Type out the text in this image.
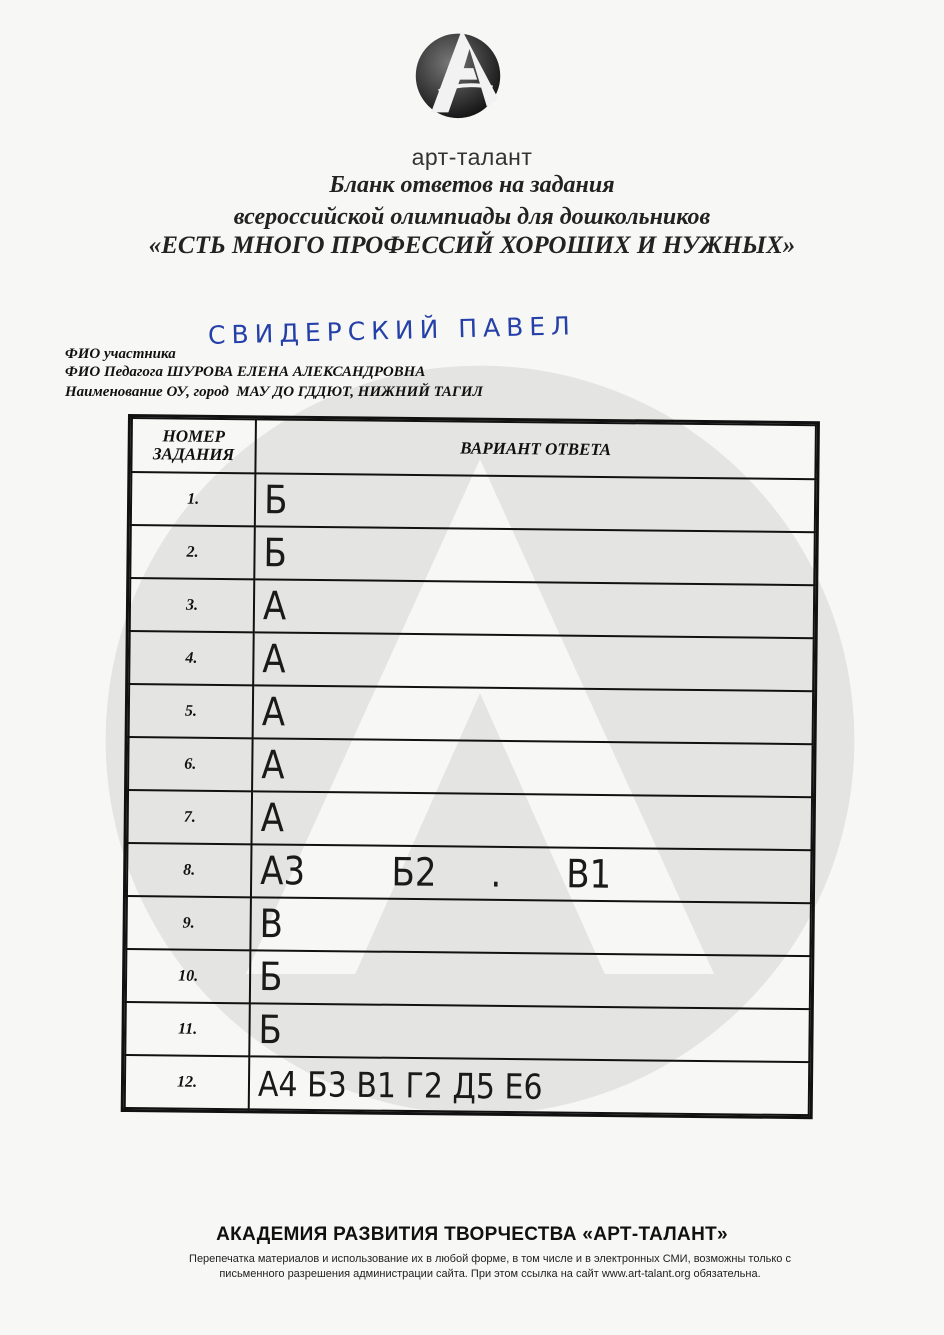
арт-талант
Бланк ответов на задания
всероссийской олимпиады для дошкольников
«ЕСТЬ МНОГО ПРОФЕССИЙ ХОРОШИХ И НУЖНЫХ»
СВИДЕРСКИЙ ПАВЕЛ
ФИО участника
ФИО Педагога ШУРОВА ЕЛЕНА АЛЕКСАНДРОВНА
Наименование ОУ, город МАУ ДО ГДДЮТ, НИЖНИЙ ТАГИЛ
НОМЕР
ЗАДАНИЯ	ВАРИАНТ ОТВЕТА
1.	Б
2.	Б
3.	А
4.	А
5.	А
6.	А
7.	А
8.	А3        Б2     .      В1
9.	В
10.	Б
11.	Б
12.	А4 Б3 В1 Г2 Д5 Е6
АКАДЕМИЯ РАЗВИТИЯ ТВОРЧЕСТВА «АРТ-ТАЛАНТ»
Перепечатка материалов и использование их в любой форме, в том числе и в электронных СМИ, возможны только с
письменного разрешения администрации сайта. При этом ссылка на сайт www.art-talant.org обязательна.
